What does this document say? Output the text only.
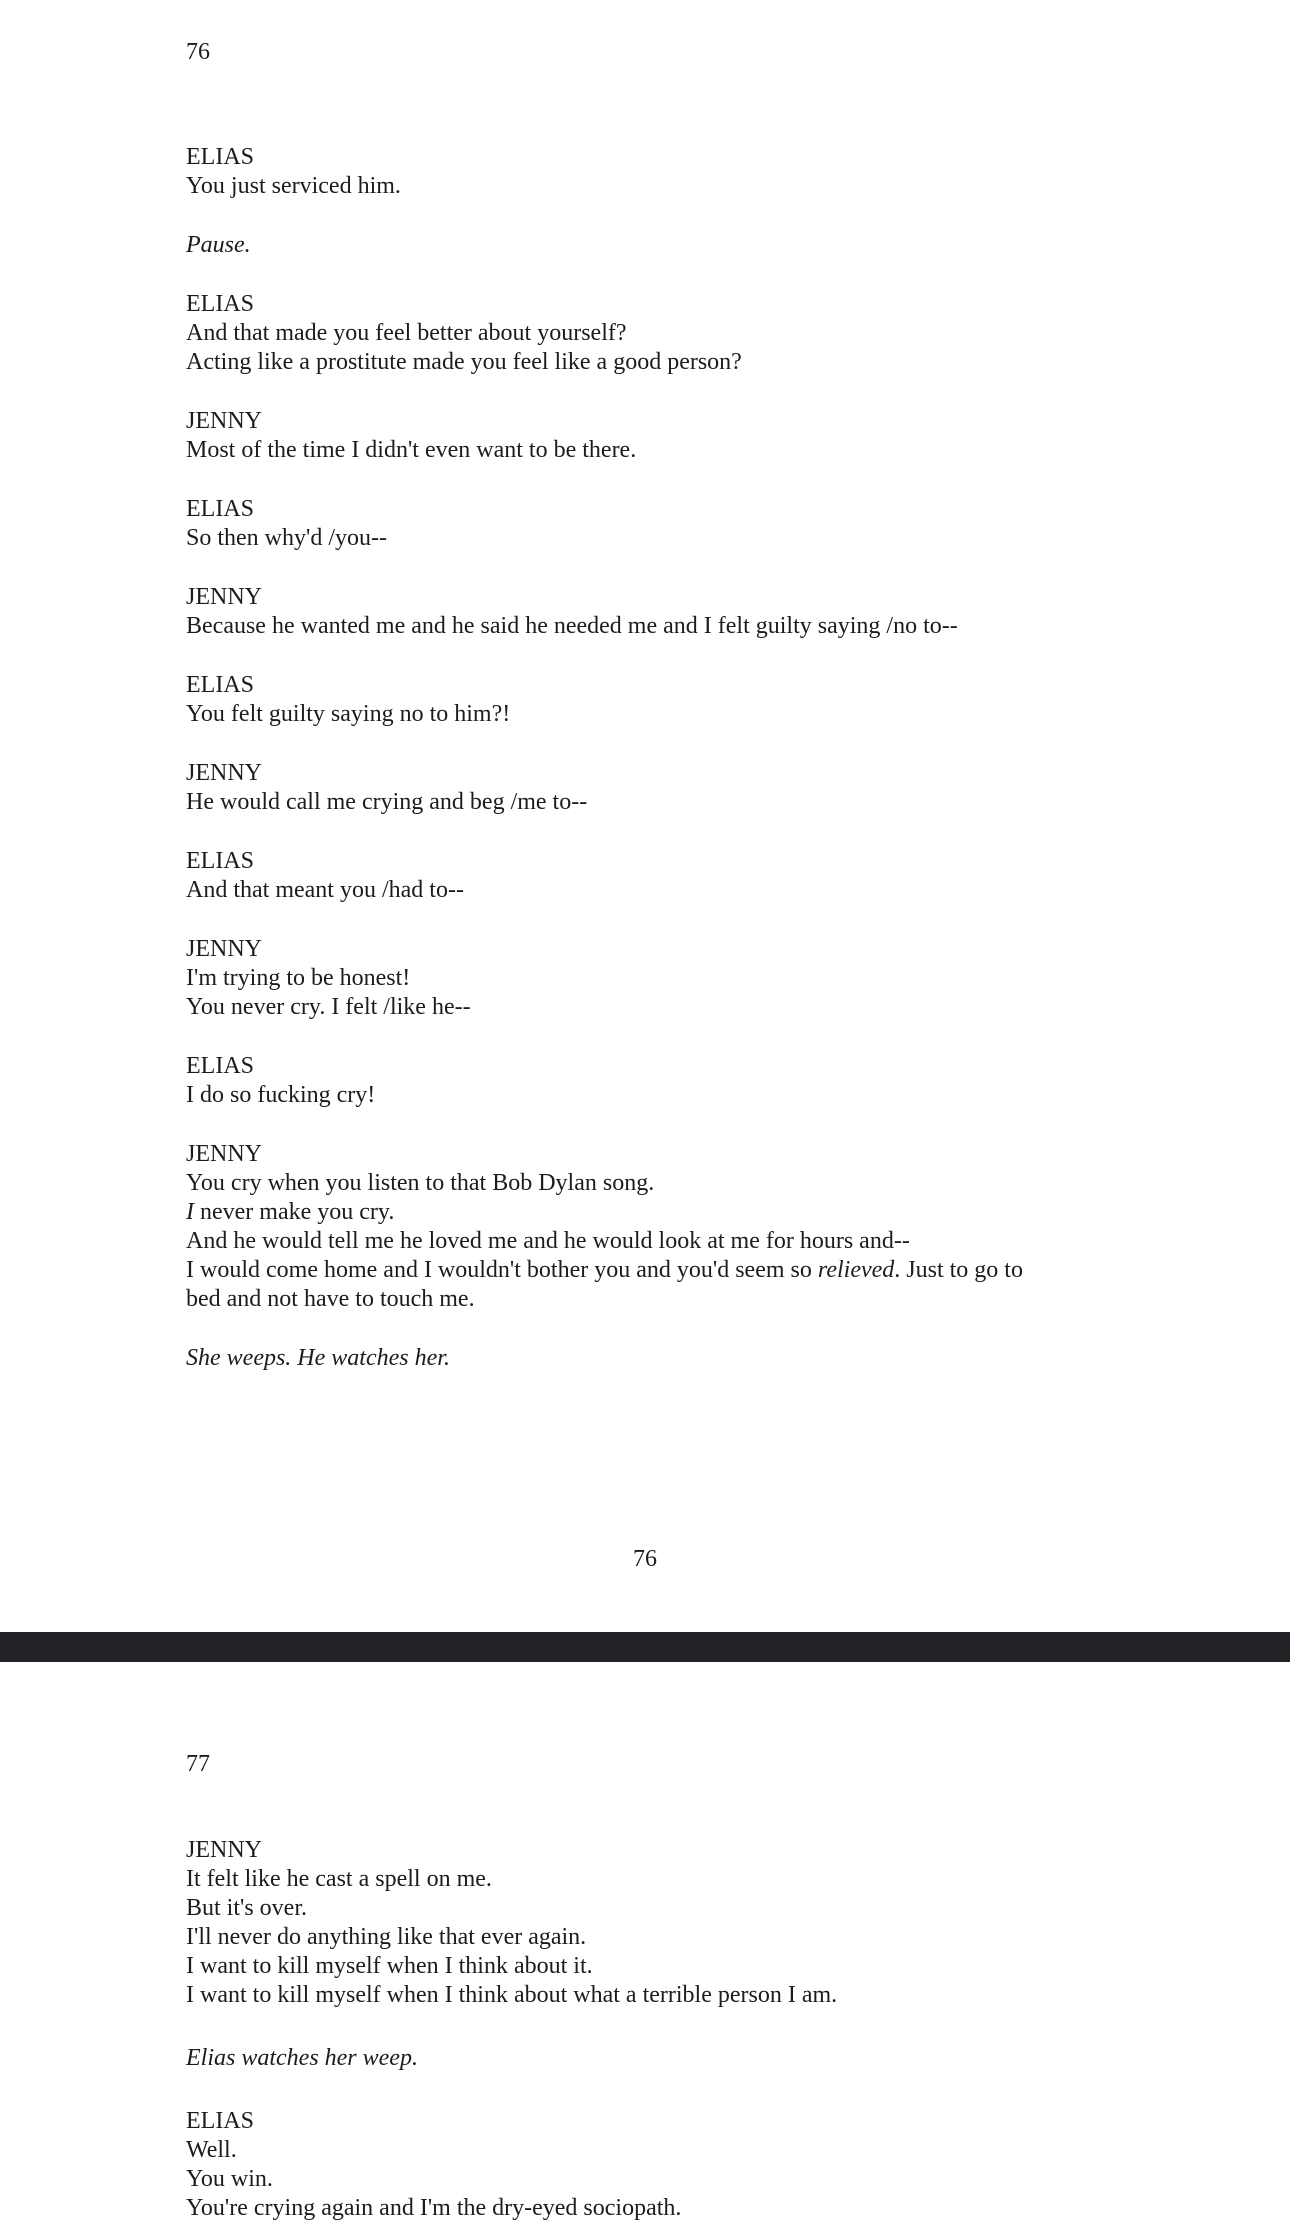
76
ELIAS
You just serviced him.
Pause.
ELIAS
And that made you feel better about yourself?
Acting like a prostitute made you feel like a good person?
JENNY
Most of the time I didn't even want to be there.
ELIAS
So then why'd /you--
JENNY
Because he wanted me and he said he needed me and I felt guilty saying /no to--
ELIAS
You felt guilty saying no to him?!
JENNY
He would call me crying and beg /me to--
ELIAS
And that meant you /had to--
JENNY
I'm trying to be honest!
You never cry. I felt /like he--
ELIAS
I do so fucking cry!
JENNY
You cry when you listen to that Bob Dylan song.
I never make you cry.
And he would tell me he loved me and he would look at me for hours and--
I would come home and I wouldn't bother you and you'd seem so relieved. Just to go to
bed and not have to touch me.
She weeps. He watches her.
76
77
JENNY
It felt like he cast a spell on me.
But it's over.
I'll never do anything like that ever again.
I want to kill myself when I think about it.
I want to kill myself when I think about what a terrible person I am.
Elias watches her weep.
ELIAS
Well.
You win.
You're crying again and I'm the dry-eyed sociopath.
